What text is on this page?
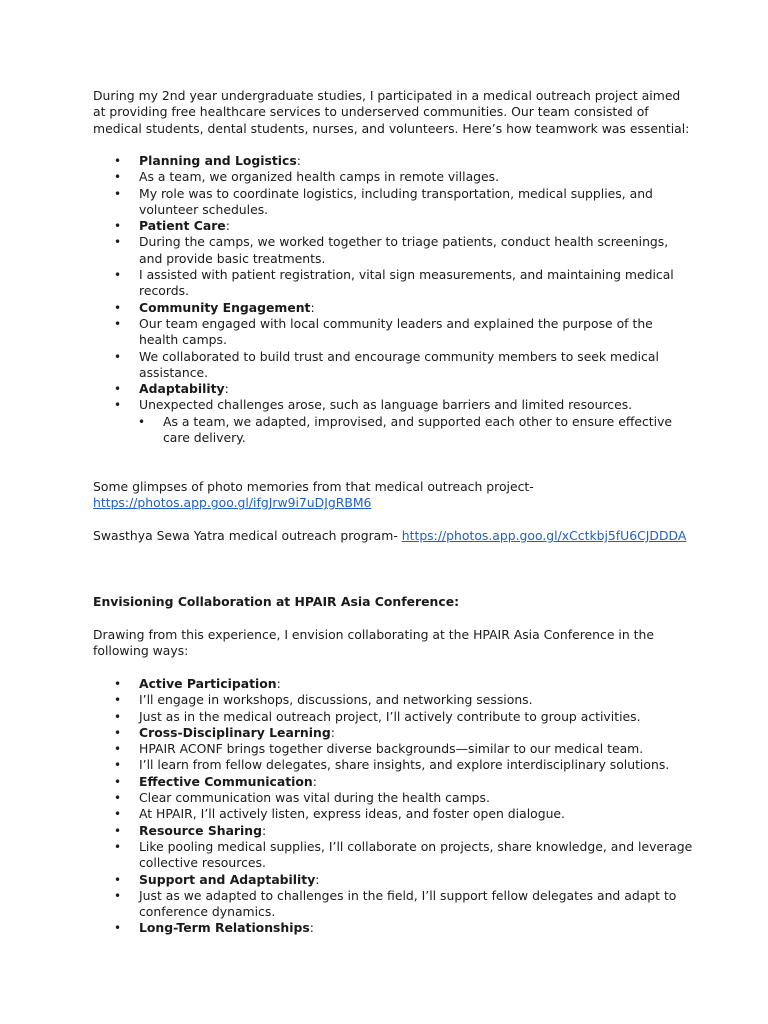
During my 2nd year undergraduate studies, I participated in a medical outreach project aimed at providing free healthcare services to underserved communities. Our team consisted of medical students, dental students, nurses, and volunteers. Here’s how teamwork was essential:

• Planning and Logistics:
• As a team, we organized health camps in remote villages.
• My role was to coordinate logistics, including transportation, medical supplies, and volunteer schedules.
• Patient Care:
• During the camps, we worked together to triage patients, conduct health screenings, and provide basic treatments.
• I assisted with patient registration, vital sign measurements, and maintaining medical records.
• Community Engagement:
• Our team engaged with local community leaders and explained the purpose of the health camps.
• We collaborated to build trust and encourage community members to seek medical assistance.
• Adaptability:
• Unexpected challenges arose, such as language barriers and limited resources.
• As a team, we adapted, improvised, and supported each other to ensure effective care delivery.

Some glimpses of photo memories from that medical outreach project-
https://photos.app.goo.gl/ifgJrw9i7uDJgRBM6

Swasthya Sewa Yatra medical outreach program- https://photos.app.goo.gl/xCctkbj5fU6CJDDDA

Envisioning Collaboration at HPAIR Asia Conference:

Drawing from this experience, I envision collaborating at the HPAIR Asia Conference in the following ways:

• Active Participation:
• I’ll engage in workshops, discussions, and networking sessions.
• Just as in the medical outreach project, I’ll actively contribute to group activities.
• Cross-Disciplinary Learning:
• HPAIR ACONF brings together diverse backgrounds—similar to our medical team.
• I’ll learn from fellow delegates, share insights, and explore interdisciplinary solutions.
• Effective Communication:
• Clear communication was vital during the health camps.
• At HPAIR, I’ll actively listen, express ideas, and foster open dialogue.
• Resource Sharing:
• Like pooling medical supplies, I’ll collaborate on projects, share knowledge, and leverage collective resources.
• Support and Adaptability:
• Just as we adapted to challenges in the field, I’ll support fellow delegates and adapt to conference dynamics.
• Long-Term Relationships:
